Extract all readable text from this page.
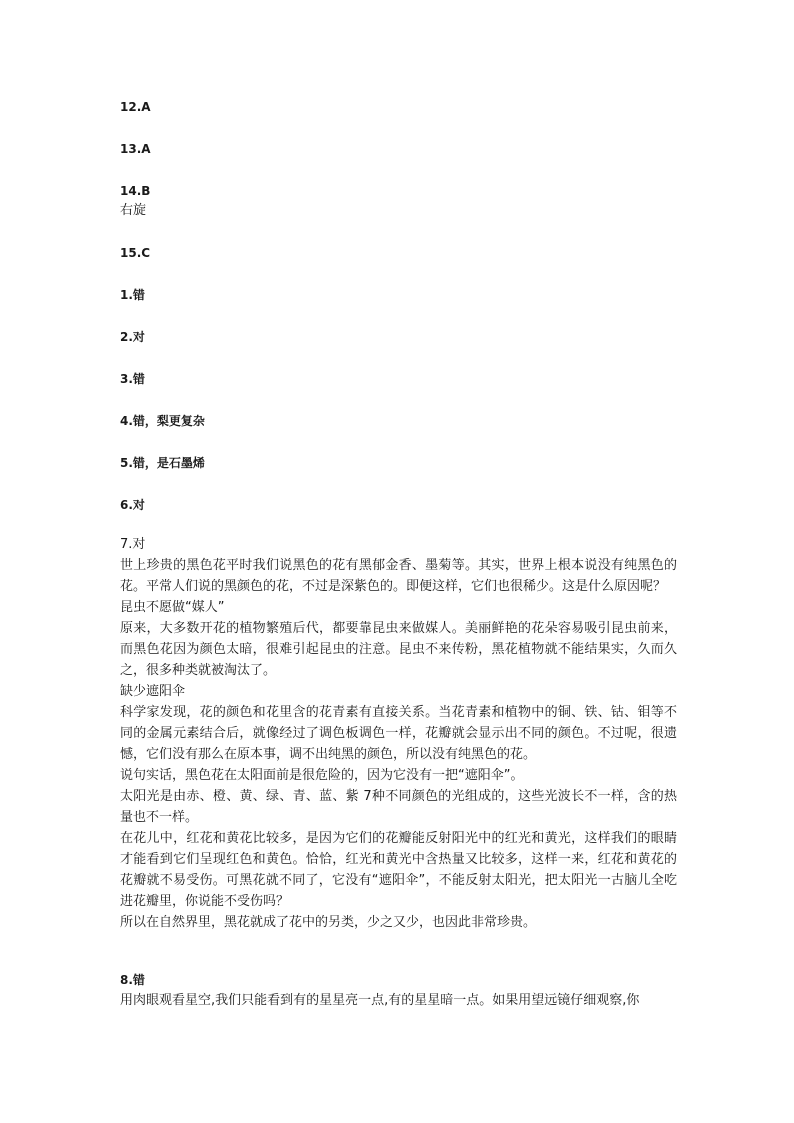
12.A
13.A
14.B
右旋
15.C
1.错
2.对
3.错
4.错，梨更复杂
5.错，是石墨烯
6.对
7.对

世上珍贵的黑色花平时我们说黑色的花有黑郁金香、墨菊等。其实，世界上根本说没有纯黑色的花。平常人们说的黑颜色的花，不过是深紫色的。即便这样，它们也很稀少。这是什么原因呢？

昆虫不愿做“媒人”

原来，大多数开花的植物繁殖后代，都要靠昆虫来做媒人。美丽鲜艳的花朵容易吸引昆虫前来，而黑色花因为颜色太暗，很难引起昆虫的注意。昆虫不来传粉，黑花植物就不能结果实，久而久之，很多种类就被淘汰了。

缺少遮阳伞

科学家发现，花的颜色和花里含的花青素有直接关系。当花青素和植物中的铜、铁、钴、钼等不同的金属元素结合后，就像经过了调色板调色一样，花瓣就会显示出不同的颜色。不过呢，很遗憾，它们没有那么在原本事，调不出纯黑的颜色，所以没有纯黑色的花。

说句实话，黑色花在太阳面前是很危险的，因为它没有一把“遮阳伞”。

太阳光是由赤、橙、黄、绿、青、蓝、紫 7种不同颜色的光组成的，这些光波长不一样，含的热量也不一样。

在花儿中，红花和黄花比较多，是因为它们的花瓣能反射阳光中的红光和黄光，这样我们的眼睛才能看到它们呈现红色和黄色。恰恰，红光和黄光中含热量又比较多，这样一来，红花和黄花的花瓣就不易受伤。可黑花就不同了，它没有“遮阳伞”，不能反射太阳光，把太阳光一古脑儿全吃进花瓣里，你说能不受伤吗？

所以在自然界里，黑花就成了花中的另类，少之又少，也因此非常珍贵。

8.错

用肉眼观看星空,我们只能看到有的星星亮一点,有的星星暗一点。如果用望远镜仔细观察,你
